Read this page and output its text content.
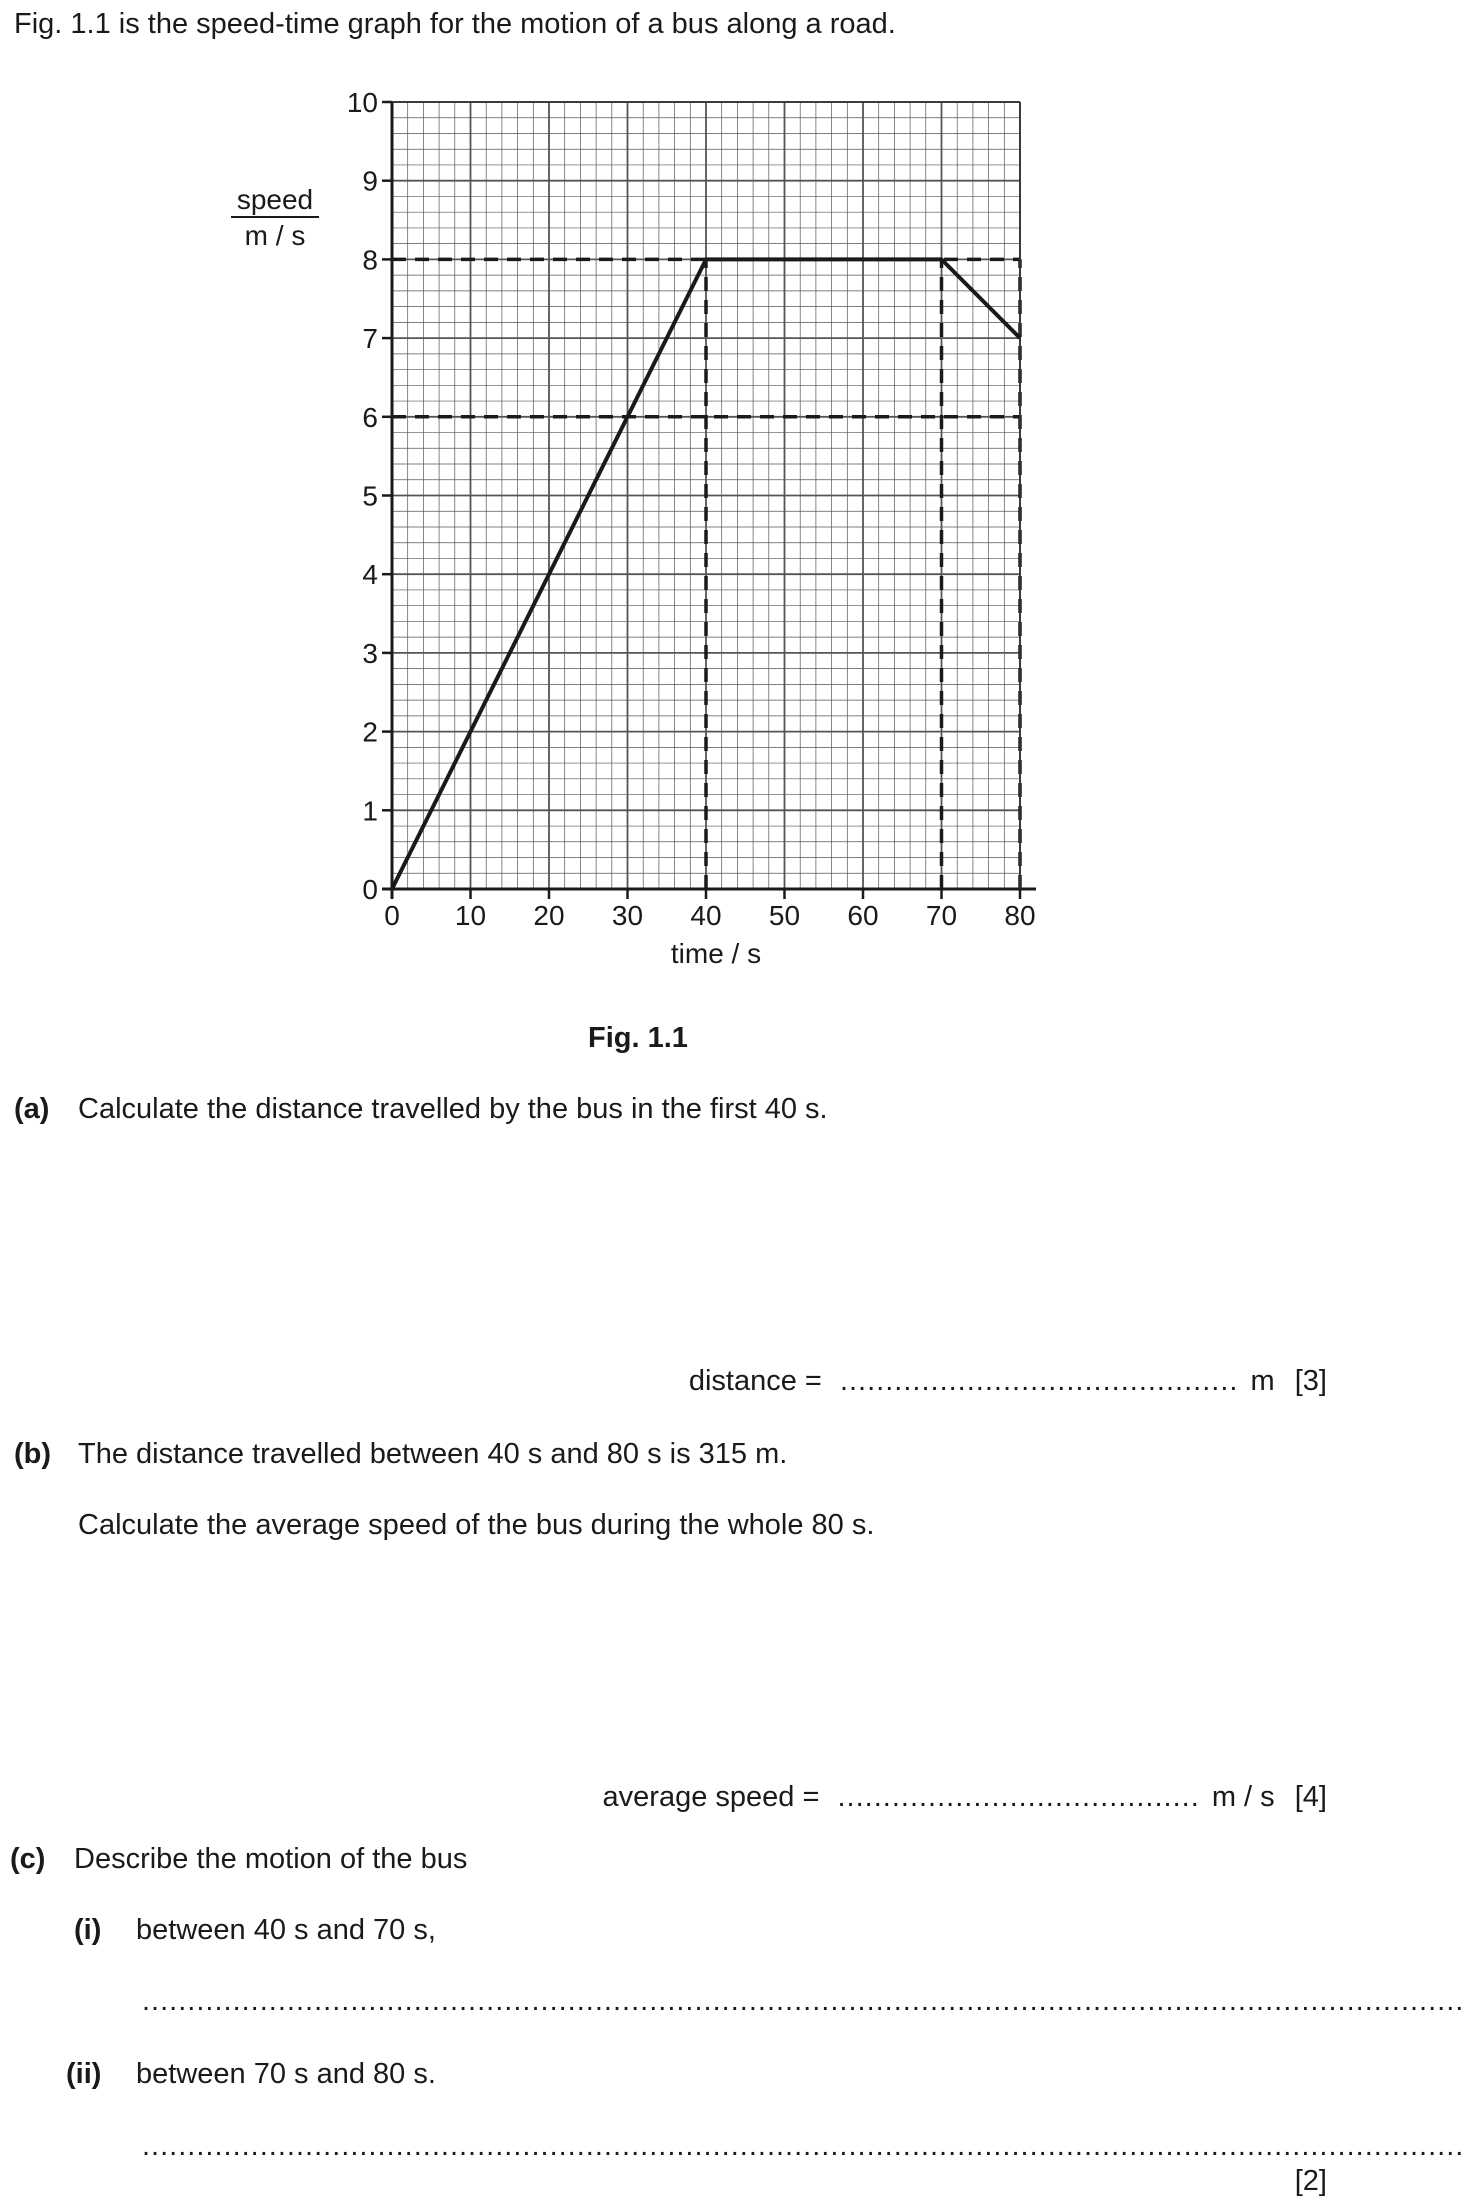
Fig. 1.1 is the speed-time graph for the motion of a bus along a road.
0
1
2
3
4
5
6
7
8
9
10
0 10 20 30 40 50 60 70 80
speed
m / s
time / s
Fig. 1.1
(a) Calculate the distance travelled by the bus in the first 40 s.
distance = ............................................ m [3]
(b) The distance travelled between 40 s and 80 s is 315 m.
Calculate the average speed of the bus during the whole 80 s.
average speed = ........................................ m / s [4]
(c) Describe the motion of the bus
(i) between 40 s and 70 s,
..................................................................................................................................................
(ii) between 70 s and 80 s.
..................................................................................................................................................
[2]
